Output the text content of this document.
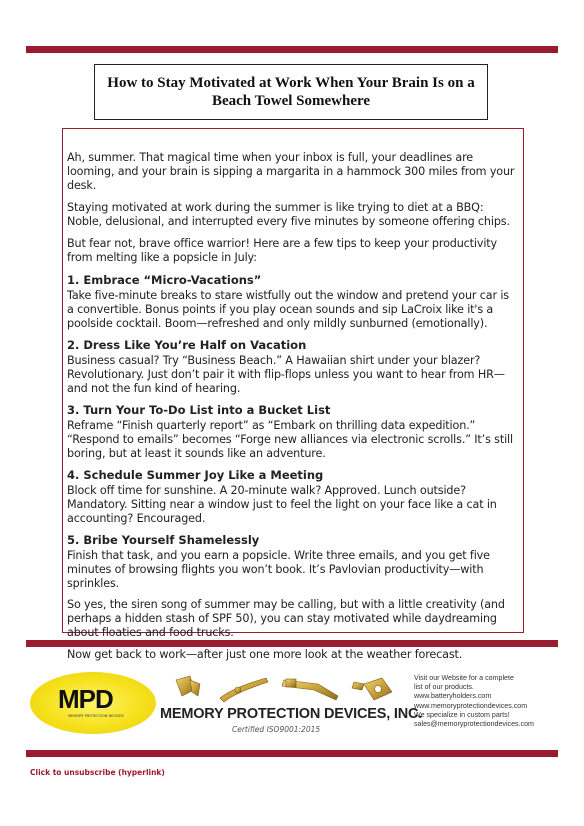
How to Stay Motivated at Work When Your Brain Is on a Beach Towel Somewhere

Ah, summer. That magical time when your inbox is full, your deadlines are looming, and your brain is sipping a margarita in a hammock 300 miles from your desk.

Staying motivated at work during the summer is like trying to diet at a BBQ: Noble, delusional, and interrupted every five minutes by someone offering chips.

But fear not, brave office warrior! Here are a few tips to keep your productivity from melting like a popsicle in July:

1. Embrace “Micro-Vacations”

Take five-minute breaks to stare wistfully out the window and pretend your car is a convertible. Bonus points if you play ocean sounds and sip LaCroix like it's a poolside cocktail. Boom—refreshed and only mildly sunburned (emotionally).

2. Dress Like You’re Half on Vacation

Business casual? Try “Business Beach.” A Hawaiian shirt under your blazer? Revolutionary. Just don’t pair it with flip-flops unless you want to hear from HR—and not the fun kind of hearing.

3. Turn Your To-Do List into a Bucket List

Reframe “Finish quarterly report” as “Embark on thrilling data expedition.” “Respond to emails” becomes “Forge new alliances via electronic scrolls.” It’s still boring, but at least it sounds like an adventure.

4. Schedule Summer Joy Like a Meeting

Block off time for sunshine. A 20-minute walk? Approved. Lunch outside? Mandatory. Sitting near a window just to feel the light on your face like a cat in accounting? Encouraged.

5. Bribe Yourself Shamelessly

Finish that task, and you earn a popsicle. Write three emails, and you get five minutes of browsing flights you won’t book. It’s Pavlovian productivity—with sprinkles.

So yes, the siren song of summer may be calling, but with a little creativity (and perhaps a hidden stash of SPF 50), you can stay motivated while daydreaming about floaties and food trucks.

Now get back to work—after just one more look at the weather forecast.

MPD
MEMORY PROTECTION DEVICES	MEMORY PROTECTION DEVICES, INC.
Certified ISO9001:2015
Visit our Website for a complete
list of our products.
www.batteryholders.com
www.memoryprotectiondevices.com
We specialize in custom parts!
sales@memoryprotectiondevices.com
Click to unsubscribe (hyperlink)
